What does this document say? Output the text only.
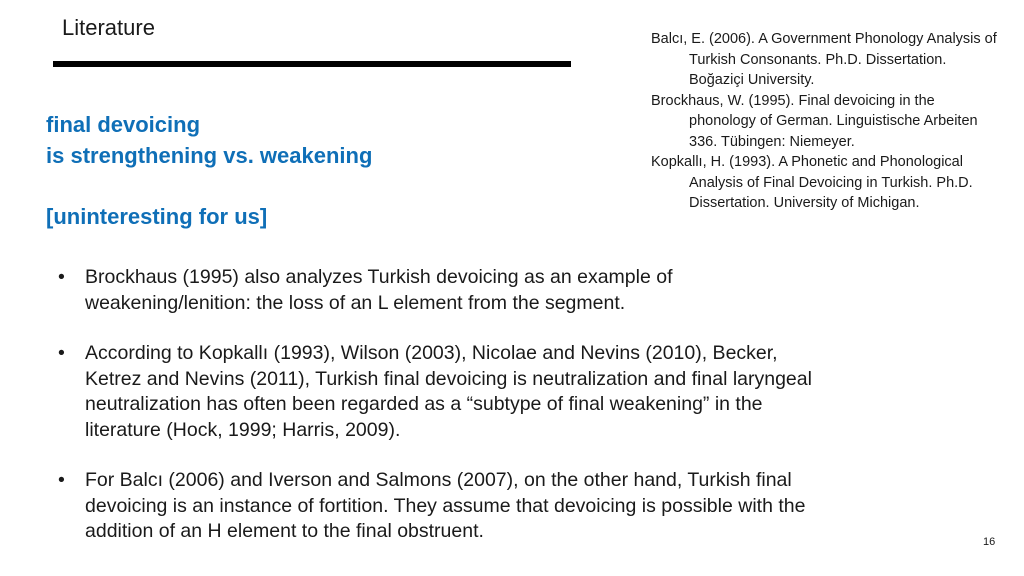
Literature	Balcı, E. (2006). A Government Phonology Analysis of Turkish Consonants. Ph.D. Dissertation. Boğaziçi University.
Brockhaus, W. (1995). Final devoicing in the phonology of German. Linguistische Arbeiten 336. Tübingen: Niemeyer.
Kopkallı, H. (1993). A Phonetic and Phonological Analysis of Final Devoicing in Turkish. Ph.D. Dissertation. University of Michigan.
final devoicing
is strengthening vs. weakening
[uninteresting for us]
• Brockhaus (1995) also analyzes Turkish devoicing as an example of weakening/lenition: the loss of an L element from the segment.
• According to Kopkallı (1993), Wilson (2003), Nicolae and Nevins (2010), Becker, Ketrez and Nevins (2011), Turkish final devoicing is neutralization and final laryngeal neutralization has often been regarded as a “subtype of final weakening” in the literature (Hock, 1999; Harris, 2009).
• For Balcı (2006) and Iverson and Salmons (2007), on the other hand, Turkish final devoicing is an instance of fortition. They assume that devoicing is possible with the addition of an H element to the final obstruent.	16
